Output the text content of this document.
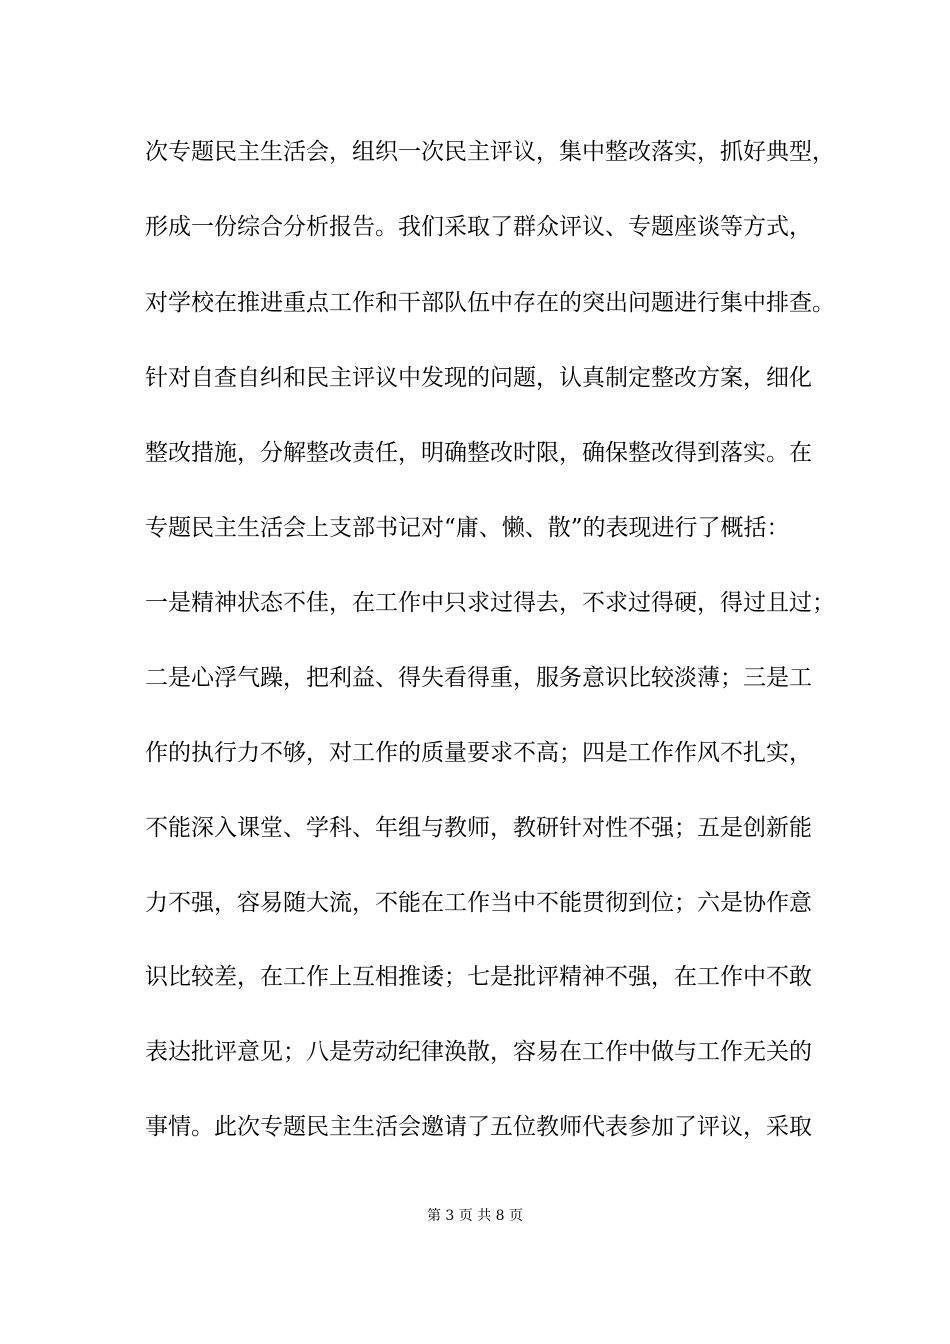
次专题民主生活会，组织一次民主评议，集中整改落实，抓好典型，
形成一份综合分析报告。我们采取了群众评议、专题座谈等方式，
对学校在推进重点工作和干部队伍中存在的突出问题进行集中排查。
针对自查自纠和民主评议中发现的问题，认真制定整改方案，细化
整改措施，分解整改责任，明确整改时限，确保整改得到落实。在
专题民主生活会上支部书记对“庸、懒、散”的表现进行了概括：
一是精神状态不佳，在工作中只求过得去，不求过得硬，得过且过；
二是心浮气躁，把利益、得失看得重，服务意识比较淡薄；三是工
作的执行力不够，对工作的质量要求不高；四是工作作风不扎实，
不能深入课堂、学科、年组与教师，教研针对性不强；五是创新能
力不强，容易随大流，不能在工作当中不能贯彻到位；六是协作意
识比较差，在工作上互相推诿；七是批评精神不强，在工作中不敢
表达批评意见；八是劳动纪律涣散，容易在工作中做与工作无关的
事情。此次专题民主生活会邀请了五位教师代表参加了评议，采取
第 3 页 共 8 页
